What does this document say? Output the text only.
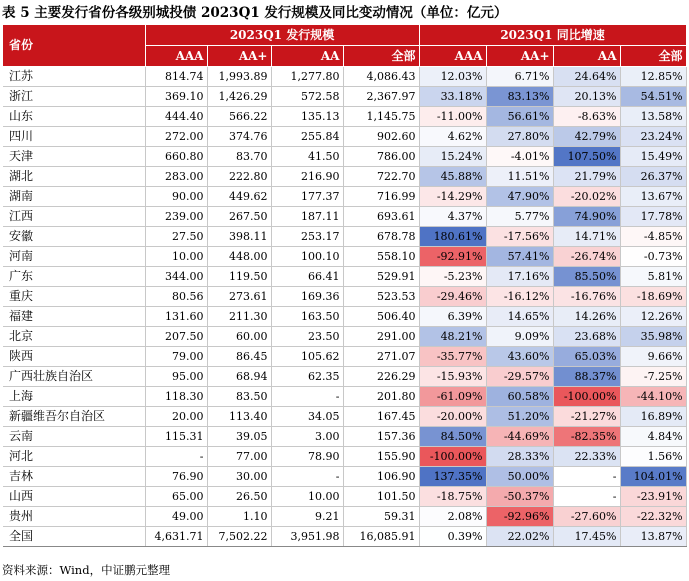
表 5 主要发行省份各级别城投债 2023Q1 发行规模及同比变动情况（单位：亿元）
省份	2023Q1 发行规模				2023Q1 同比增速			
	AAA	AA+	AA	全部	AAA	AA+	AA	全部
江苏	814.74	1,993.89	1,277.80	4,086.43	12.03%	6.71%	24.64%	12.85%
浙江	369.10	1,426.29	572.58	2,367.97	33.18%	83.13%	20.13%	54.51%
山东	444.40	566.22	135.13	1,145.75	-11.00%	56.61%	-8.63%	13.58%
四川	272.00	374.76	255.84	902.60	4.62%	27.80%	42.79%	23.24%
天津	660.80	83.70	41.50	786.00	15.24%	-4.01%	107.50%	15.49%
湖北	283.00	222.80	216.90	722.70	45.88%	11.51%	21.79%	26.37%
湖南	90.00	449.62	177.37	716.99	-14.29%	47.90%	-20.02%	13.67%
江西	239.00	267.50	187.11	693.61	4.37%	5.77%	74.90%	17.78%
安徽	27.50	398.11	253.17	678.78	180.61%	-17.56%	14.71%	-4.85%
河南	10.00	448.00	100.10	558.10	-92.91%	57.41%	-26.74%	-0.73%
广东	344.00	119.50	66.41	529.91	-5.23%	17.16%	85.50%	5.81%
重庆	80.56	273.61	169.36	523.53	-29.46%	-16.12%	-16.76%	-18.69%
福建	131.60	211.30	163.50	506.40	6.39%	14.65%	14.26%	12.26%
北京	207.50	60.00	23.50	291.00	48.21%	9.09%	23.68%	35.98%
陕西	79.00	86.45	105.62	271.07	-35.77%	43.60%	65.03%	9.66%
广西壮族自治区	95.00	68.94	62.35	226.29	-15.93%	-29.57%	88.37%	-7.25%
上海	118.30	83.50	-	201.80	-61.09%	60.58%	-100.00%	-44.10%
新疆维吾尔自治区	20.00	113.40	34.05	167.45	-20.00%	51.20%	-21.27%	16.89%
云南	115.31	39.05	3.00	157.36	84.50%	-44.69%	-82.35%	4.84%
河北	-	77.00	78.90	155.90	-100.00%	28.33%	22.33%	1.56%
吉林	76.90	30.00	-	106.90	137.35%	50.00%	-	104.01%
山西	65.00	26.50	10.00	101.50	-18.75%	-50.37%	-	-23.91%
贵州	49.00	1.10	9.21	59.31	2.08%	-92.96%	-27.60%	-22.32%
全国	4,631.71	7,502.22	3,951.98	16,085.91	0.39%	22.02%	17.45%	13.87%
资料来源：Wind，中证鹏元整理
